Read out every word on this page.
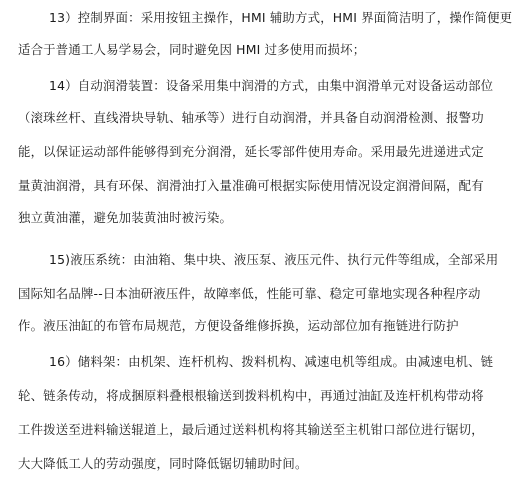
13）控制界面：采用按钮主操作，HMI 辅助方式，HMI 界面简洁明了，操作简便更
适合于普通工人易学易会，同时避免因 HMI 过多使用而损坏；
14）自动润滑装置：设备采用集中润滑的方式，由集中润滑单元对设备运动部位
（滚珠丝杆、直线滑块导轨、轴承等）进行自动润滑，并具备自动润滑检测、报警功
能，以保证运动部件能够得到充分润滑，延长零部件使用寿命。采用最先进递进式定
量黄油润滑，具有环保、润滑油打入量准确可根据实际使用情况设定润滑间隔，配有
独立黄油灌，避免加装黄油时被污染。
15)液压系统：由油箱、集中块、液压泵、液压元件、执行元件等组成，全部采用
国际知名品牌--日本油研液压件，故障率低，性能可靠、稳定可靠地实现各种程序动
作。液压油缸的布管布局规范，方便设备维修拆换，运动部位加有拖链进行防护
16）储料架：由机架、连杆机构、拨料机构、减速电机等组成。由减速电机、链
轮、链条传动，将成捆原料叠根根输送到拨料机构中，再通过油缸及连杆机构带动将
工件拨送至进料输送辊道上，最后通过送料机构将其输送至主机钳口部位进行锯切，
大大降低工人的劳动强度，同时降低锯切辅助时间。
